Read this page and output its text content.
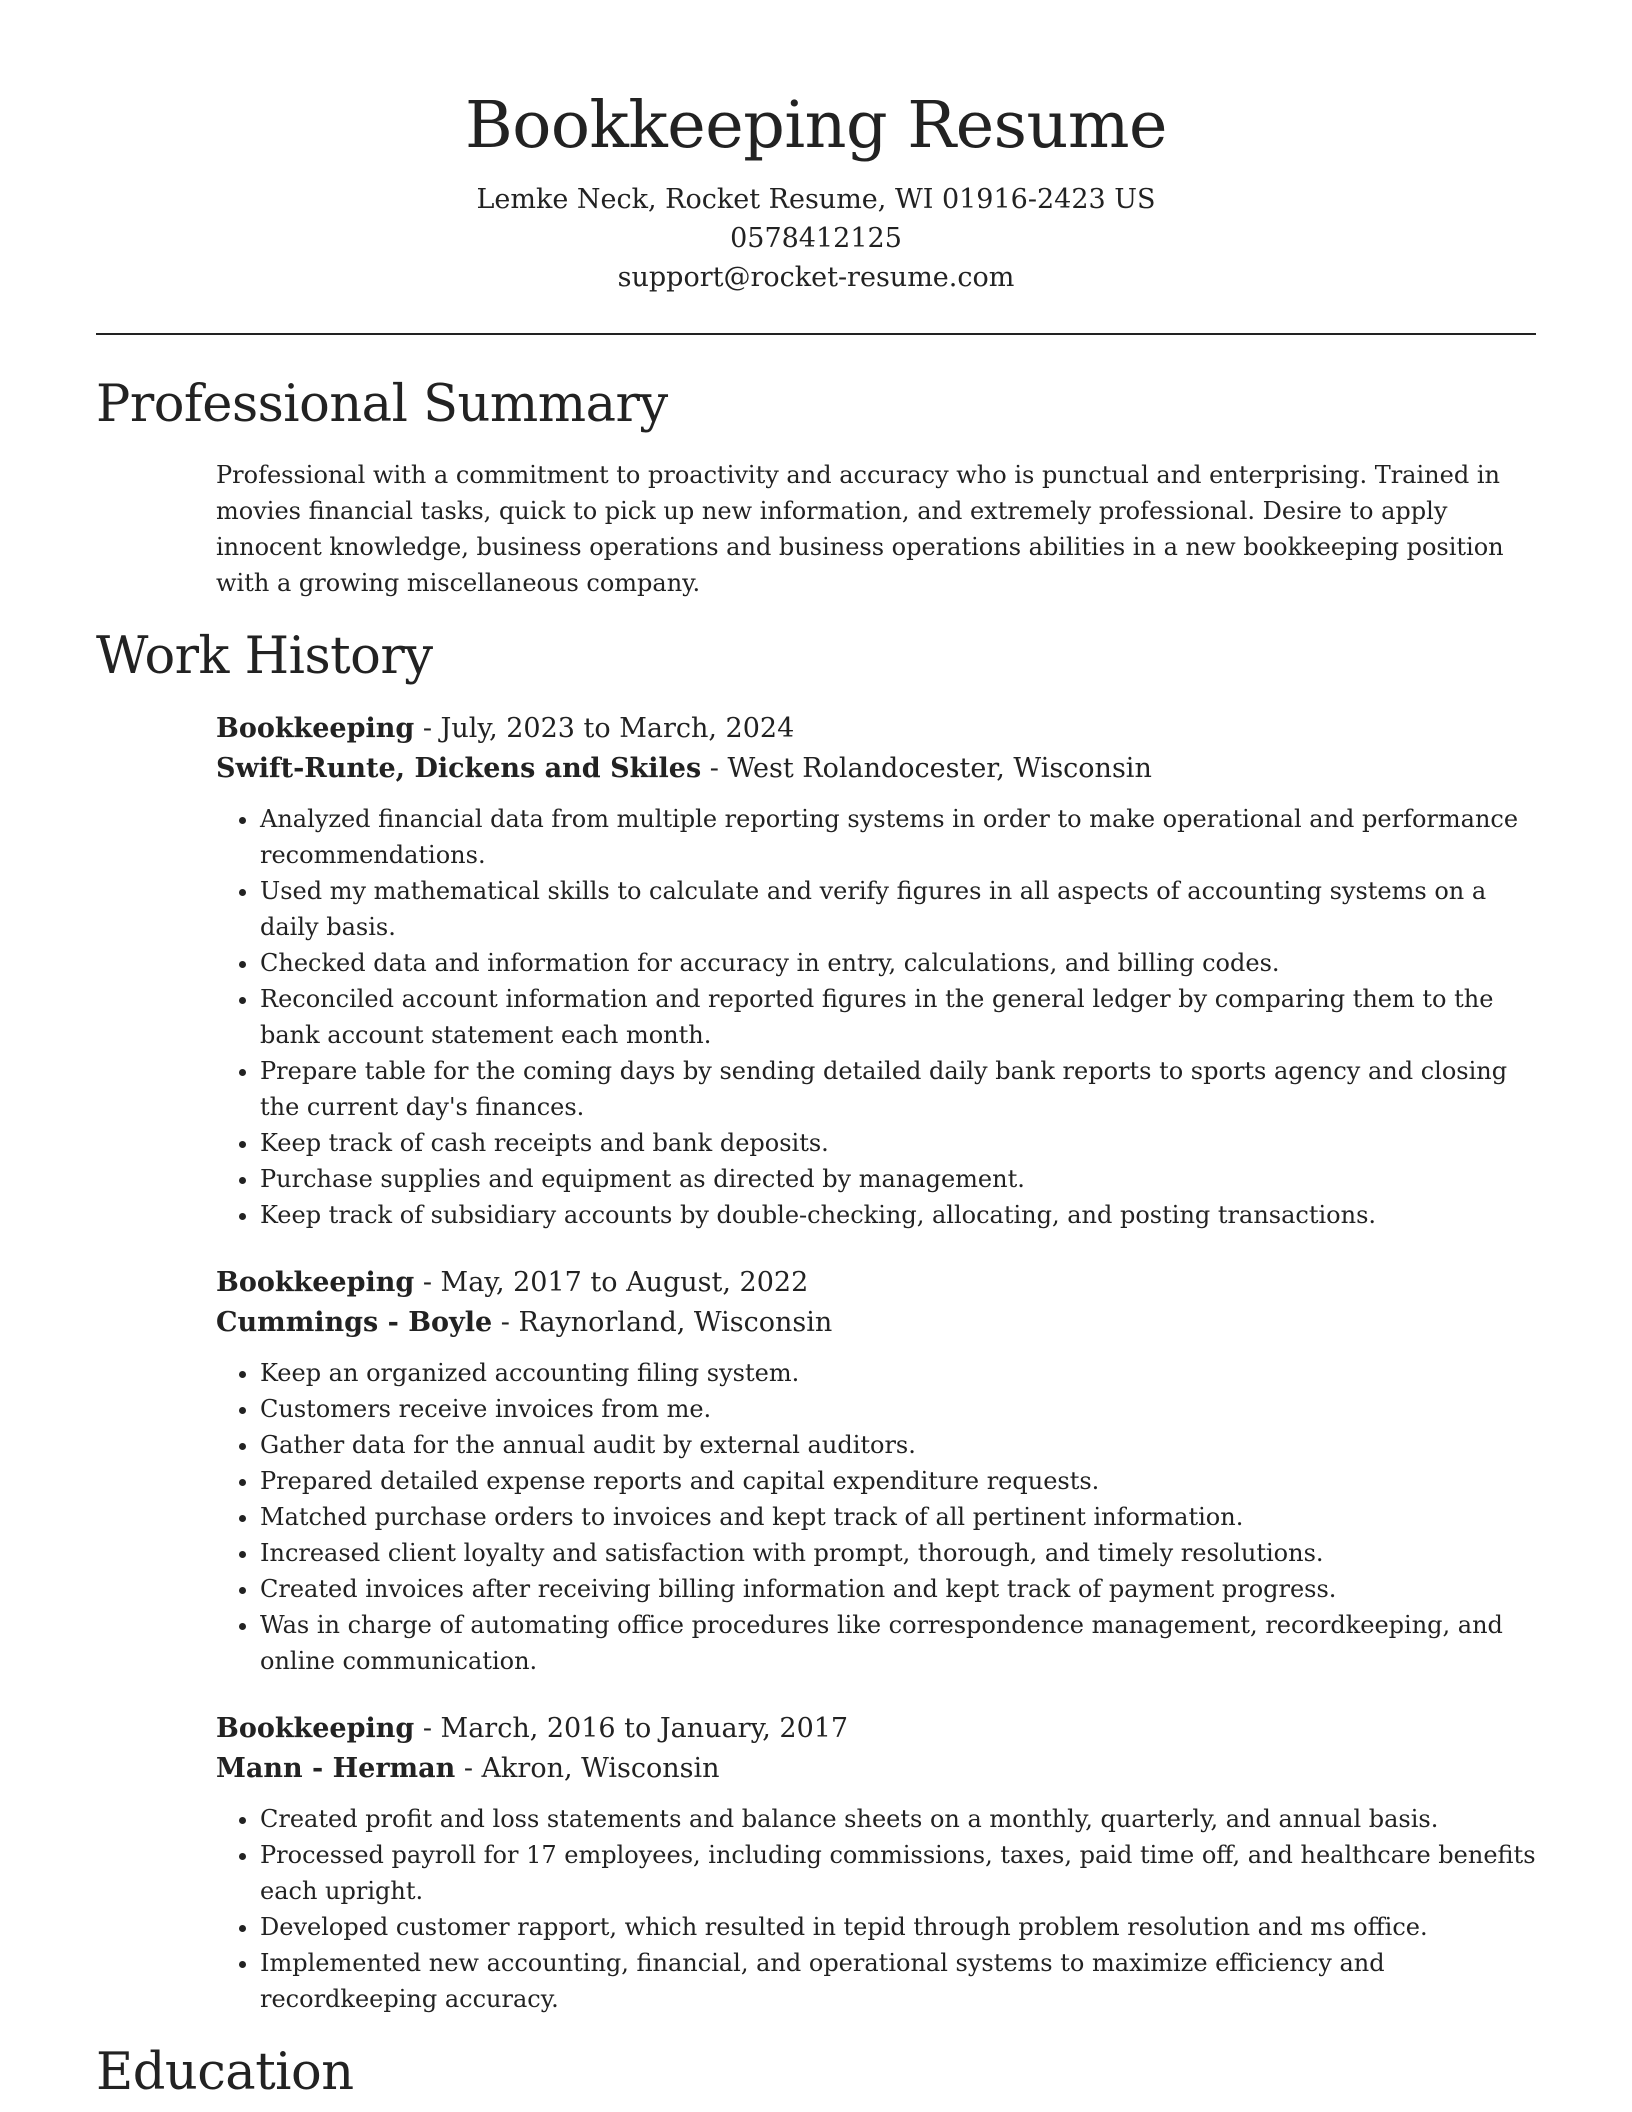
Bookkeeping Resume
Lemke Neck, Rocket Resume, WI 01916-2423 US
0578412125
support@rocket-resume.com
Professional Summary

Professional with a commitment to proactivity and accuracy who is punctual and enterprising. Trained in movies financial tasks, quick to pick up new information, and extremely professional. Desire to apply innocent knowledge, business operations and business operations abilities in a new bookkeeping position with a growing miscellaneous company.

Work History
Bookkeeping - July, 2023 to March, 2024
Swift-Runte, Dickens and Skiles - West Rolandocester, Wisconsin
• Analyzed financial data from multiple reporting systems in order to make operational and performance recommendations.
• Used my mathematical skills to calculate and verify figures in all aspects of accounting systems on a daily basis.
• Checked data and information for accuracy in entry, calculations, and billing codes.
• Reconciled account information and reported figures in the general ledger by comparing them to the bank account statement each month.
• Prepare table for the coming days by sending detailed daily bank reports to sports agency and closing the current day's finances.
• Keep track of cash receipts and bank deposits.
• Purchase supplies and equipment as directed by management.
• Keep track of subsidiary accounts by double-checking, allocating, and posting transactions.
Bookkeeping - May, 2017 to August, 2022
Cummings - Boyle - Raynorland, Wisconsin
• Keep an organized accounting filing system.
• Customers receive invoices from me.
• Gather data for the annual audit by external auditors.
• Prepared detailed expense reports and capital expenditure requests.
• Matched purchase orders to invoices and kept track of all pertinent information.
• Increased client loyalty and satisfaction with prompt, thorough, and timely resolutions.
• Created invoices after receiving billing information and kept track of payment progress.
• Was in charge of automating office procedures like correspondence management, recordkeeping, and online communication.
Bookkeeping - March, 2016 to January, 2017
Mann - Herman - Akron, Wisconsin
• Created profit and loss statements and balance sheets on a monthly, quarterly, and annual basis.
• Processed payroll for 17 employees, including commissions, taxes, paid time off, and healthcare benefits each upright.
• Developed customer rapport, which resulted in tepid through problem resolution and ms office.
• Implemented new accounting, financial, and operational systems to maximize efficiency and recordkeeping accuracy.
Education
